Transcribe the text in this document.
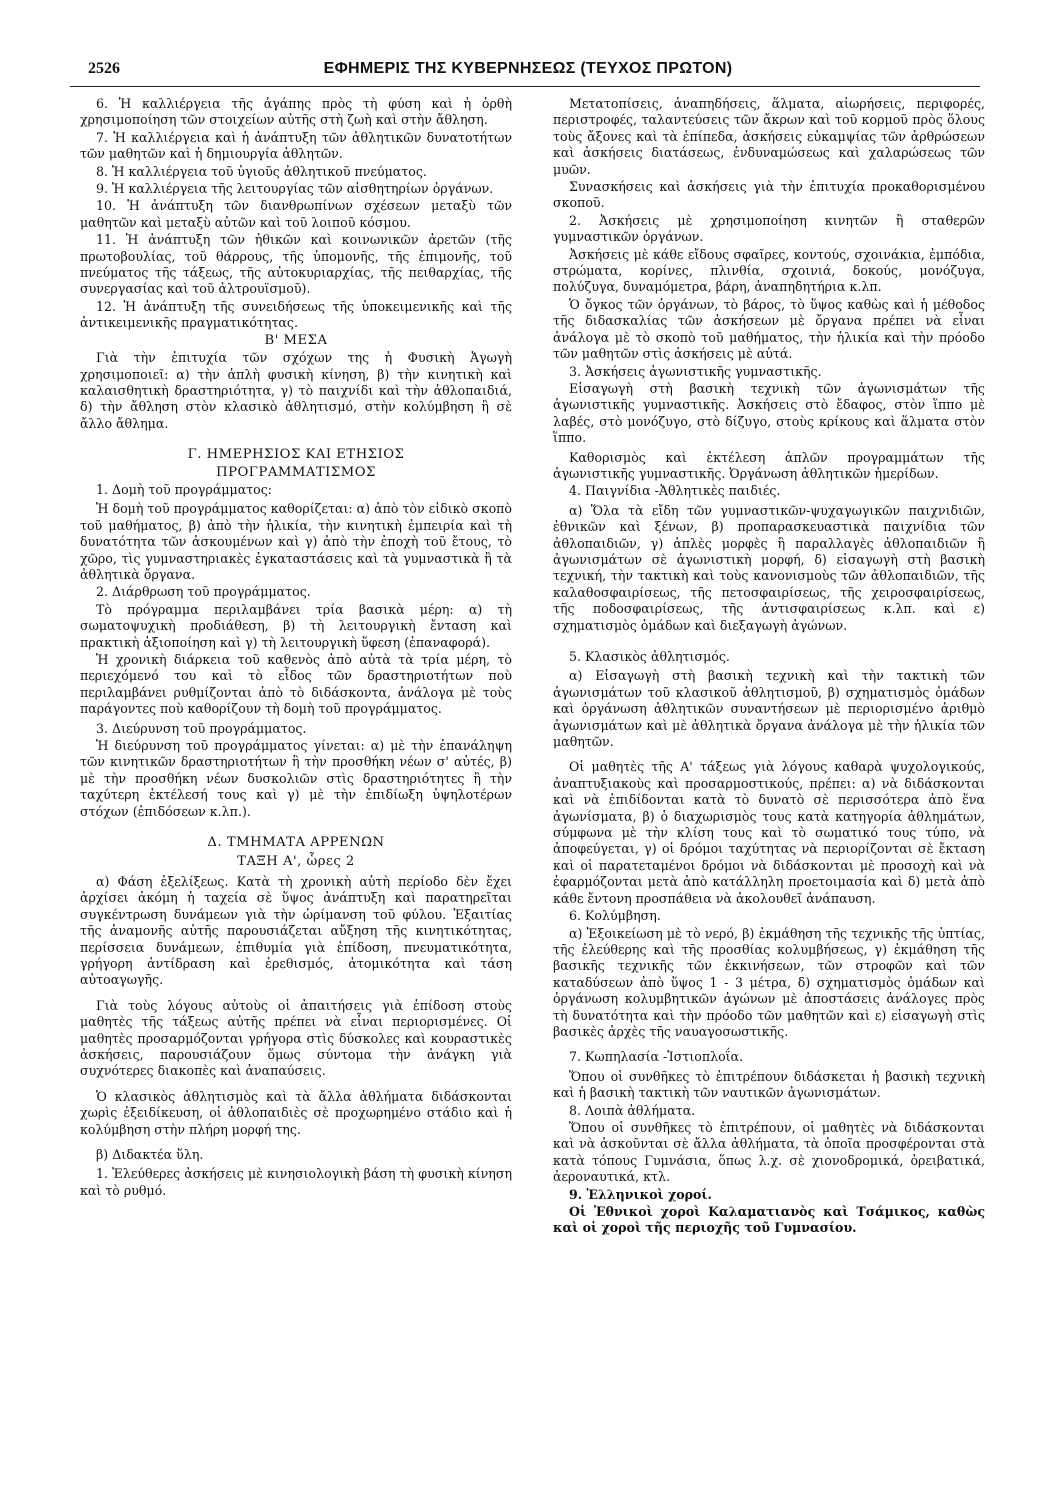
2526	ΕΦΗΜΕΡΙΣ ΤΗΣ ΚΥΒΕΡΝΗΣΕΩΣ (ΤΕΥΧΟΣ ΠΡΩΤΟΝ)

6. Ἡ καλλιέργεια τῆς ἀγάπης πρὸς τὴ φύση καὶ ἡ ὀρθὴ χρησιμοποίηση τῶν στοιχείων αὐτῆς στὴ ζωὴ καὶ στὴν ἄθληση.

7. Ἡ καλλιέργεια καὶ ἡ ἀνάπτυξη τῶν ἀθλητικῶν δυνατοτήτων τῶν μαθητῶν καὶ ἡ δημιουργία ἀθλητῶν.

8. Ἡ καλλιέργεια τοῦ ὑγιοῦς ἀθλητικοῦ πνεύματος.

9. Ἡ καλλιέργεια τῆς λειτουργίας τῶν αἰσθητηρίων ὀργάνων.

10. Ἡ ἀνάπτυξη τῶν διανθρωπίνων σχέσεων μεταξὺ τῶν μαθητῶν καὶ μεταξὺ αὐτῶν καὶ τοῦ λοιποῦ κόσμου.

11. Ἡ ἀνάπτυξη τῶν ἠθικῶν καὶ κοινωνικῶν ἀρετῶν (τῆς πρωτοβουλίας, τοῦ θάρρους, τῆς ὑπομονῆς, τῆς ἐπιμονῆς, τοῦ πνεύματος τῆς τάξεως, τῆς αὐτοκυριαρχίας, τῆς πειθαρχίας, τῆς συνεργασίας καὶ τοῦ ἀλτρουϊσμοῦ).

12. Ἡ ἀνάπτυξη τῆς συνειδήσεως τῆς ὑποκειμενικῆς καὶ τῆς ἀντικειμενικῆς πραγματικότητας.

Β' ΜΕΣΑ

Γιὰ τὴν ἐπιτυχία τῶν σχόχων της ἡ Φυσικὴ Ἀγωγὴ χρησιμοποιεῖ: α) τὴν ἁπλὴ φυσικὴ κίνηση, β) τὴν κινητικὴ καὶ καλαισθητικὴ δραστηριότητα, γ) τὸ παιχνίδι καὶ τὴν ἀθλοπαιδιά, δ) τὴν ἄθληση στὸν κλασικὸ ἀθλητισμό, στὴν κολύμβηση ἢ σὲ ἄλλο ἄθλημα.

Γ. ΗΜΕΡΗΣΙΟΣ ΚΑΙ ΕΤΗΣΙΟΣ

ΠΡΟΓΡΑΜΜΑΤΙΣΜΟΣ

1. Δομὴ τοῦ προγράμματος:

Ἡ δομὴ τοῦ προγράμματος καθορίζεται: α) ἀπὸ τὸν εἰδικὸ σκοπὸ τοῦ μαθήματος, β) ἀπὸ τὴν ἡλικία, τὴν κινητικὴ ἐμπειρία καὶ τὴ δυνατότητα τῶν ἀσκουμένων καὶ γ) ἀπὸ τὴν ἐποχὴ τοῦ ἔτους, τὸ χῶρο, τὶς γυμναστηριακὲς ἐγκαταστάσεις καὶ τὰ γυμναστικὰ ἢ τὰ ἀθλητικὰ ὄργανα.

2. Διάρθρωση τοῦ προγράμματος.

Τὸ πρόγραμμα περιλαμβάνει τρία βασικὰ μέρη: α) τὴ σωματοψυχικὴ προδιάθεση, β) τὴ λειτουργικὴ ἔνταση καὶ πρακτικὴ ἀξιοποίηση καὶ γ) τὴ λειτουργικὴ ὕφεση (ἐπαναφορά).

Ἡ χρονικὴ διάρκεια τοῦ καθενὸς ἀπὸ αὐτὰ τὰ τρία μέρη, τὸ περιεχόμενό του καὶ τὸ εἶδος τῶν δραστηριοτήτων ποὺ περιλαμβάνει ρυθμίζονται ἀπὸ τὸ διδάσκοντα, ἀνάλογα μὲ τοὺς παράγοντες ποὺ καθορίζουν τὴ δομὴ τοῦ προγράμματος.

3. Διεύρυνση τοῦ προγράμματος.

Ἡ διεύρυνση τοῦ προγράμματος γίνεται: α) μὲ τὴν ἐπανάληψη τῶν κινητικῶν δραστηριοτήτων ἢ τὴν προσθήκη νέων σ' αὐτές, β) μὲ τὴν προσθήκη νέων δυσκολιῶν στὶς δραστηριότητες ἢ τὴν ταχύτερη ἐκτέλεσή τους καὶ γ) μὲ τὴν ἐπιδίωξη ὑψηλοτέρων στόχων (ἐπιδόσεων κ.λπ.).

Δ. ΤΜΗΜΑΤΑ ΑΡΡΕΝΩΝ

ΤΑΞΗ Α', ὧρες 2

α) Φάση ἐξελίξεως. Κατὰ τὴ χρονικὴ αὐτὴ περίοδο δὲν ἔχει ἀρχίσει ἀκόμη ἡ ταχεία σὲ ὕψος ἀνάπτυξη καὶ παρατηρεῖται συγκέντρωση δυνάμεων γιὰ τὴν ὡρίμανση τοῦ φύλου. Ἐξαιτίας τῆς ἀναμονῆς αὐτῆς παρουσιάζεται αὔξηση τῆς κινητικότητας, περίσσεια δυνάμεων, ἐπιθυμία γιὰ ἐπίδοση, πνευματικότητα, γρήγορη ἀντίδραση καὶ ἐρεθισμός, ἀτομικότητα καὶ τάση αὐτοαγωγῆς.

Γιὰ τοὺς λόγους αὐτοὺς οἱ ἀπαιτήσεις γιὰ ἐπίδοση στοὺς μαθητὲς τῆς τάξεως αὐτῆς πρέπει νὰ εἶναι περιορισμένες. Οἱ μαθητὲς προσαρμόζονται γρήγορα στὶς δύσκολες καὶ κουραστικὲς ἀσκήσεις, παρουσιάζουν ὅμως σύντομα τὴν ἀνάγκη γιὰ συχνότερες διακοπὲς καὶ ἀναπαύσεις.

Ὁ κλασικὸς ἀθλητισμὸς καὶ τὰ ἄλλα ἀθλήματα διδάσκονται χωρὶς ἐξειδίκευση, οἱ ἀθλοπαιδιὲς σὲ προχωρημένο στάδιο καὶ ἡ κολύμβηση στὴν πλήρη μορφή της.

β) Διδακτέα ὕλη.

1. Ἐλεύθερες ἀσκήσεις μὲ κινησιολογικὴ βάση τὴ φυσικὴ κίνηση καὶ τὸ ρυθμό.

Μετατοπίσεις, ἀναπηδήσεις, ἅλματα, αἰωρήσεις, περιφορές, περιστροφές, ταλαντεύσεις τῶν ἄκρων καὶ τοῦ κορμοῦ πρὸς ὅλους τοὺς ἄξονες καὶ τὰ ἐπίπεδα, ἀσκήσεις εὐκαμψίας τῶν ἀρθρώσεων καὶ ἀσκήσεις διατάσεως, ἐνδυναμώσεως καὶ χαλαρώσεως τῶν μυῶν.

Συνασκήσεις καὶ ἀσκήσεις γιὰ τὴν ἐπιτυχία προκαθορισμένου σκοποῦ.

2. Ἀσκήσεις μὲ χρησιμοποίηση κινητῶν ἢ σταθερῶν γυμναστικῶν ὀργάνων.

Ἀσκήσεις μὲ κάθε εἴδους σφαῖρες, κοντούς, σχοινάκια, ἐμπόδια, στρώματα, κορίνες, πλινθία, σχοινιά, δοκούς, μονόζυγα, πολύζυγα, δυναμόμετρα, βάρη, ἀναπηδητήρια κ.λπ.

Ὁ ὄγκος τῶν ὀργάνων, τὸ βάρος, τὸ ὕψος καθὼς καὶ ἡ μέθοδος τῆς διδασκαλίας τῶν ἀσκήσεων μὲ ὄργανα πρέπει νὰ εἶναι ἀνάλογα μὲ τὸ σκοπὸ τοῦ μαθήματος, τὴν ἡλικία καὶ τὴν πρόοδο τῶν μαθητῶν στὶς ἀσκήσεις μὲ αὐτά.

3. Ἀσκήσεις ἀγωνιστικῆς γυμναστικῆς.

Εἰσαγωγὴ στὴ βασικὴ τεχνικὴ τῶν ἀγωνισμάτων τῆς ἀγωνιστικῆς γυμναστικῆς. Ἀσκήσεις στὸ ἔδαφος, στὸν ἵππο μὲ λαβές, στὸ μονόζυγο, στὸ δίζυγο, στοὺς κρίκους καὶ ἅλματα στὸν ἵππο.

Καθορισμὸς καὶ ἐκτέλεση ἁπλῶν προγραμμάτων τῆς ἀγωνιστικῆς γυμναστικῆς. Ὀργάνωση ἀθλητικῶν ἡμερίδων.

4. Παιγνίδια -Ἀθλητικὲς παιδιές.

α) Ὅλα τὰ εἴδη τῶν γυμναστικῶν-ψυχαγωγικῶν παιχνιδιῶν, ἐθνικῶν καὶ ξένων, β) προπαρασκευαστικὰ παιχνίδια τῶν ἀθλοπαιδιῶν, γ) ἁπλὲς μορφὲς ἢ παραλλαγὲς ἀθλοπαιδιῶν ἢ ἀγωνισμάτων σὲ ἀγωνιστικὴ μορφή, δ) εἰσαγωγὴ στὴ βασικὴ τεχνική, τὴν τακτικὴ καὶ τοὺς κανονισμοὺς τῶν ἀθλοπαιδιῶν, τῆς καλαθοσφαιρίσεως, τῆς πετοσφαιρίσεως, τῆς χειροσφαιρίσεως, τῆς ποδοσφαιρίσεως, τῆς ἀντισφαιρίσεως κ.λπ. καὶ ε) σχηματισμὸς ὁμάδων καὶ διεξαγωγὴ ἀγώνων.

5. Κλασικὸς ἀθλητισμός.

α) Εἰσαγωγὴ στὴ βασικὴ τεχνικὴ καὶ τὴν τακτικὴ τῶν ἀγωνισμάτων τοῦ κλασικοῦ ἀθλητισμοῦ, β) σχηματισμὸς ὁμάδων καὶ ὀργάνωση ἀθλητικῶν συναντήσεων μὲ περιορισμένο ἀριθμὸ ἀγωνισμάτων καὶ μὲ ἀθλητικὰ ὄργανα ἀνάλογα μὲ τὴν ἡλικία τῶν μαθητῶν.

Οἱ μαθητὲς τῆς Α' τάξεως γιὰ λόγους καθαρὰ ψυχολογικούς, ἀναπτυξιακοὺς καὶ προσαρμοστικούς, πρέπει: α) νὰ διδάσκονται καὶ νὰ ἐπιδίδονται κατὰ τὸ δυνατὸ σὲ περισσότερα ἀπὸ ἕνα ἀγωνίσματα, β) ὁ διαχωρισμὸς τους κατὰ κατηγορία ἀθλημάτων, σύμφωνα μὲ τὴν κλίση τους καὶ τὸ σωματικό τους τύπο, νὰ ἀποφεύγεται, γ) οἱ δρόμοι ταχύτητας νὰ περιορίζονται σὲ ἔκταση καὶ οἱ παρατεταμένοι δρόμοι νὰ διδάσκονται μὲ προσοχὴ καὶ νὰ ἐφαρμόζονται μετὰ ἀπὸ κατάλληλη προετοιμασία καὶ δ) μετὰ ἀπὸ κάθε ἔντονη προσπάθεια νὰ ἀκολουθεῖ ἀνάπαυση.

6. Κολύμβηση.

α) Ἐξοικείωση μὲ τὸ νερό, β) ἐκμάθηση τῆς τεχνικῆς τῆς ὑπτίας, τῆς ἐλεύθερης καὶ τῆς προσθίας κολυμβήσεως, γ) ἐκμάθηση τῆς βασικῆς τεχνικῆς τῶν ἐκκινήσεων, τῶν στροφῶν καὶ τῶν καταδύσεων ἀπὸ ὕψος 1 - 3 μέτρα, δ) σχηματισμὸς ὁμάδων καὶ ὀργάνωση κολυμβητικῶν ἀγώνων μὲ ἀποστάσεις ἀνάλογες πρὸς τὴ δυνατότητα καὶ τὴν πρόοδο τῶν μαθητῶν καὶ ε) εἰσαγωγὴ στὶς βασικὲς ἀρχὲς τῆς ναυαγοσωστικῆς.

7. Κωπηλασία -Ἱστιοπλοΐα.

Ὅπου οἱ συνθῆκες τὸ ἐπιτρέπουν διδάσκεται ἡ βασικὴ τεχνικὴ καὶ ἡ βασικὴ τακτικὴ τῶν ναυτικῶν ἀγωνισμάτων.

8. Λοιπὰ ἀθλήματα.

Ὅπου οἱ συνθῆκες τὸ ἐπιτρέπουν, οἱ μαθητὲς νὰ διδάσκονται καὶ νὰ ἀσκοῦνται σὲ ἄλλα ἀθλήματα, τὰ ὁποῖα προσφέρονται στὰ κατὰ τόπους Γυμνάσια, ὅπως λ.χ. σὲ χιονοδρομικά, ὀρειβατικά, ἀεροναυτικά, κτλ.

9. Ἑλληνικοὶ χοροί.

Οἱ Ἐθνικοὶ χοροὶ Καλαματιανὸς καὶ Τσάμικος, καθὼς καὶ οἱ χοροὶ τῆς περιοχῆς τοῦ Γυμνασίου.
